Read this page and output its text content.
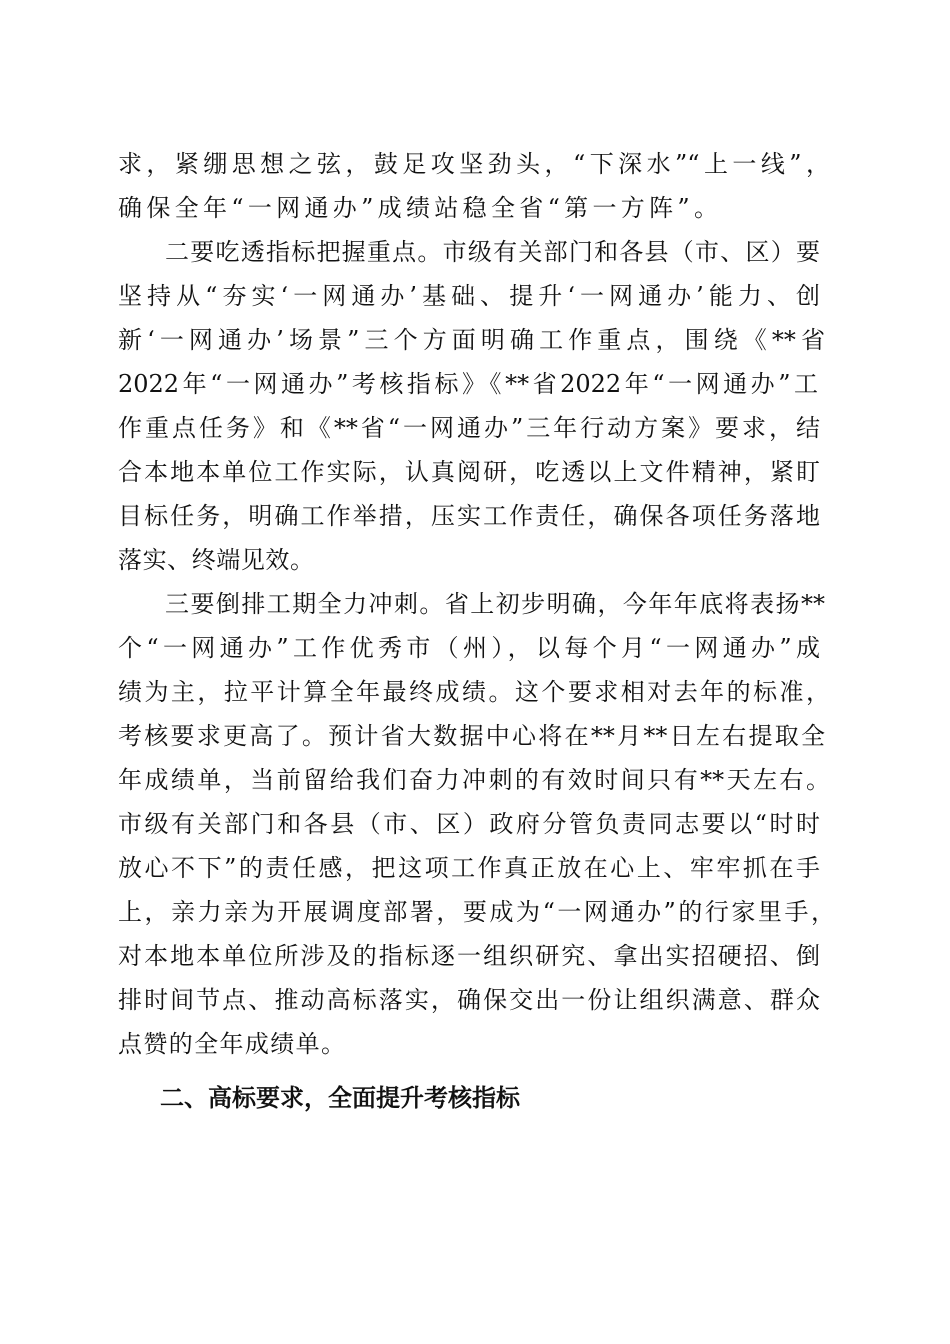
求，紧绷思想之弦，鼓足攻坚劲头，“下深水”“上一线”，
确保全年“一网通办”成绩站稳全省“第一方阵”。
二要吃透指标把握重点。市级有关部门和各县（市、区）要
坚持从“夯实‘一网通办’基础、提升‘一网通办’能力、创
新‘一网通办’场景”三个方面明确工作重点，围绕《**省
2022年“一网通办”考核指标》《**省2022年“一网通办”工
作重点任务》和《**省“一网通办”三年行动方案》要求，结
合本地本单位工作实际，认真阅研，吃透以上文件精神，紧盯
目标任务，明确工作举措，压实工作责任，确保各项任务落地
落实、终端见效。
三要倒排工期全力冲刺。省上初步明确，今年年底将表扬**
个“一网通办”工作优秀市（州），以每个月“一网通办”成
绩为主，拉平计算全年最终成绩。这个要求相对去年的标准，
考核要求更高了。预计省大数据中心将在**月**日左右提取全
年成绩单，当前留给我们奋力冲刺的有效时间只有**天左右。
市级有关部门和各县（市、区）政府分管负责同志要以“时时
放心不下”的责任感，把这项工作真正放在心上、牢牢抓在手
上，亲力亲为开展调度部署，要成为“一网通办”的行家里手，
对本地本单位所涉及的指标逐一组织研究、拿出实招硬招、倒
排时间节点、推动高标落实，确保交出一份让组织满意、群众
点赞的全年成绩单。
二、高标要求，全面提升考核指标
